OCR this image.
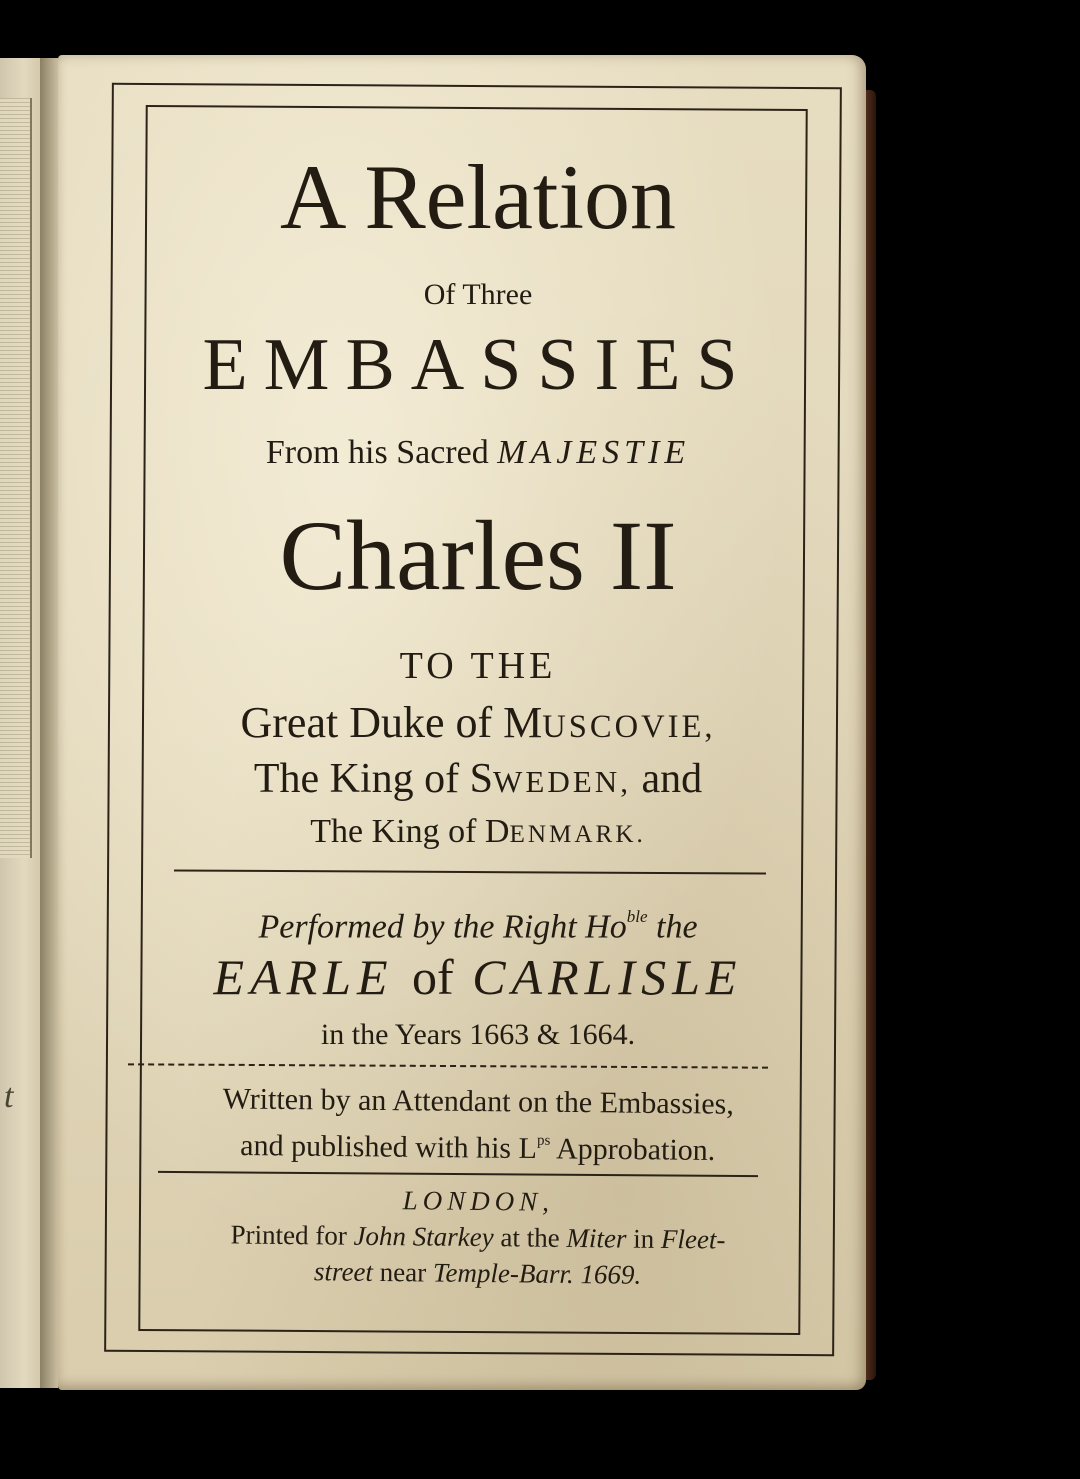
t
A Relation
Of Three
EMBASSIES
From his Sacred MAJESTIE
Charles II
TO THE
Great Duke of MUSCOVIE,
The King of SWEDEN, and
The King of DENMARK.
Performed by the Right $Ho^{ble}$ the
EARLE of CARLISLE
in the Years 1663 & 1664.
Written by an Attendant on the Embassies,
and published with his $L^{ps}$ Approbation.
LONDON,
Printed for John Starkey at the Miter in Fleet-
street near Temple-Barr. 1669.
